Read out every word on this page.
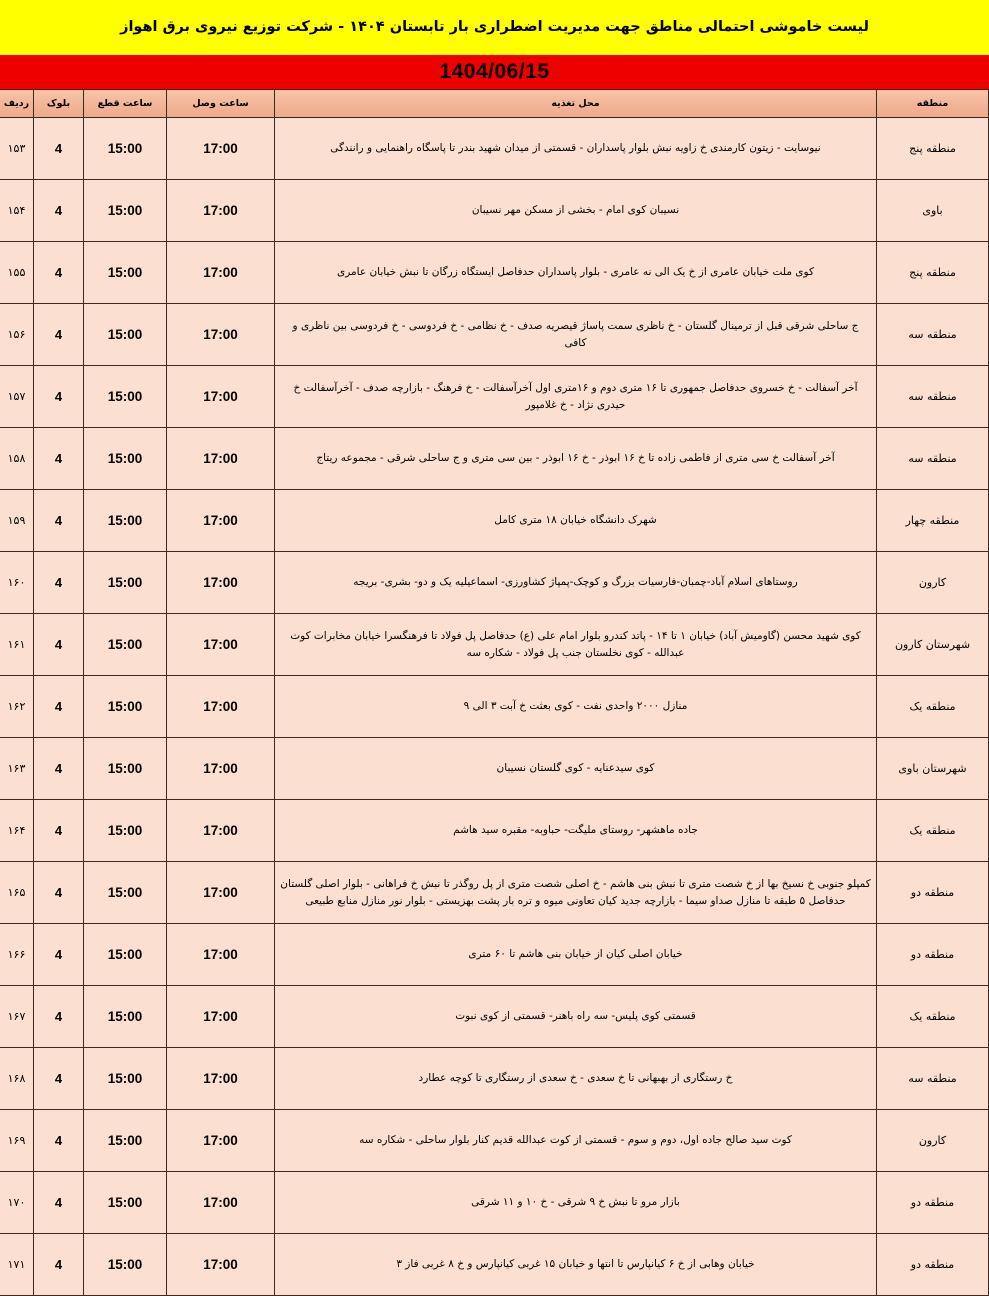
لیست خاموشی احتمالی مناطق جهت مدیریت اضطراری بار تابستان ۱۴۰۴ - شرکت توزیع نیروی برق اهواز
1404/06/15
منطقه	محل تغذیه	ساعت وصل	ساعت قطع	بلوک	ردیف
منطقه پنج	نیوسایت - زیتون کارمندی خ زاویه نبش بلوار پاسداران - قسمتی از میدان شهید بندر تا پاسگاه راهنمایی و رانندگی	17:00	15:00	4	۱۵۳
باوی	نسیبان کوی امام - بخشی از مسکن مهر نسیبان	17:00	15:00	4	۱۵۴
منطقه پنج	کوی ملت خیابان عامری از خ یک الی نه عامری - بلوار پاسداران حدفاصل ایستگاه زرگان تا نبش خیابان عامری	17:00	15:00	4	۱۵۵
منطقه سه	ج ساحلی شرقی قبل از ترمینال گلستان - خ ناظری سمت پاساژ قیصریه صدف - خ نظامی - خ فردوسی - خ فردوسی بین ناظری و کافی	17:00	15:00	4	۱۵۶
منطقه سه	آخر آسفالت - خ خسروی حدفاصل جمهوری تا ۱۶ متری دوم و ۱۶متری اول آخرآسفالت - خ فرهنگ - بازارچه صدف - آخرآسفالت خ حیدری نژاد - خ غلامپور	17:00	15:00	4	۱۵۷
منطقه سه	آخر آسفالت خ سی متری از فاطمی زاده تا خ ۱۶ ابوذر - خ ۱۶ ابوذر - بین سی متری و ج ساحلی شرقی - مجموعه ریتاج	17:00	15:00	4	۱۵۸
منطقه چهار	شهرک دانشگاه خیابان ۱۸ متری کامل	17:00	15:00	4	۱۵۹
کارون	روستاهای اسلام آباد-چمبان-فارسیات بزرگ و کوچک-پمپاژ کشاورزی- اسماعیلیه یک و دو- بشری- بریجه	17:00	15:00	4	۱۶۰
شهرستان کارون	کوی شهید محسن (گاومیش آباد) خیابان ۱ تا ۱۴ - پاتد کندرو بلوار امام علی (ع) حدفاصل پل فولاد تا فرهنگسرا خیابان مخابرات کوت عبدالله - کوی نخلستان جنب پل فولاد - شکاره سه	17:00	15:00	4	۱۶۱
منطقه یک	منازل ۲۰۰۰ واحدی نفت - کوی بعثت خ آبت ۳ الی ۹	17:00	15:00	4	۱۶۲
شهرستان باوی	کوی سیدعنایه - کوی گلستان نسیبان	17:00	15:00	4	۱۶۳
منطقه یک	جاده ماهشهر- روستای ملیگت- حباوبه- مقبره سید هاشم	17:00	15:00	4	۱۶۴
منطقه دو	کمپلو جنوبی خ نسیخ بها از خ شصت متری تا نبش بنی هاشم - خ اصلی شصت متری از پل روگذر تا نبش خ فراهانی - بلوار اصلی گلستان حدفاصل ۵ طبقه تا منازل صداو سیما - بازارچه جدید کیان تعاونی میوه و تره بار پشت بهزیستی - بلوار نور منازل منابع طبیعی	17:00	15:00	4	۱۶۵
منطقه دو	خیابان اصلی کیان از خیابان بنی هاشم تا ۶۰ متری	17:00	15:00	4	۱۶۶
منطقه یک	قسمتی کوی پلیس- سه راه باهنر- قسمتی از کوی نبوت	17:00	15:00	4	۱۶۷
منطقه سه	خ رستگاری از بهبهانی تا خ سعدی - خ سعدی از رستگاری تا کوچه عطارد	17:00	15:00	4	۱۶۸
کارون	کوت سید صالح جاده اول، دوم و سوم - قسمتی از کوت عبدالله قدیم کنار بلوار ساحلی - شکاره سه	17:00	15:00	4	۱۶۹
منطقه دو	بازار مرو تا نبش خ ۹ شرقی - خ ۱۰ و ۱۱ شرقی	17:00	15:00	4	۱۷۰
منطقه دو	خیابان وهابی از خ ۶ کیانپارس تا انتها و خیابان ۱۵ غربی کیانپارس و خ ۸ غربی فاز ۳	17:00	15:00	4	۱۷۱
